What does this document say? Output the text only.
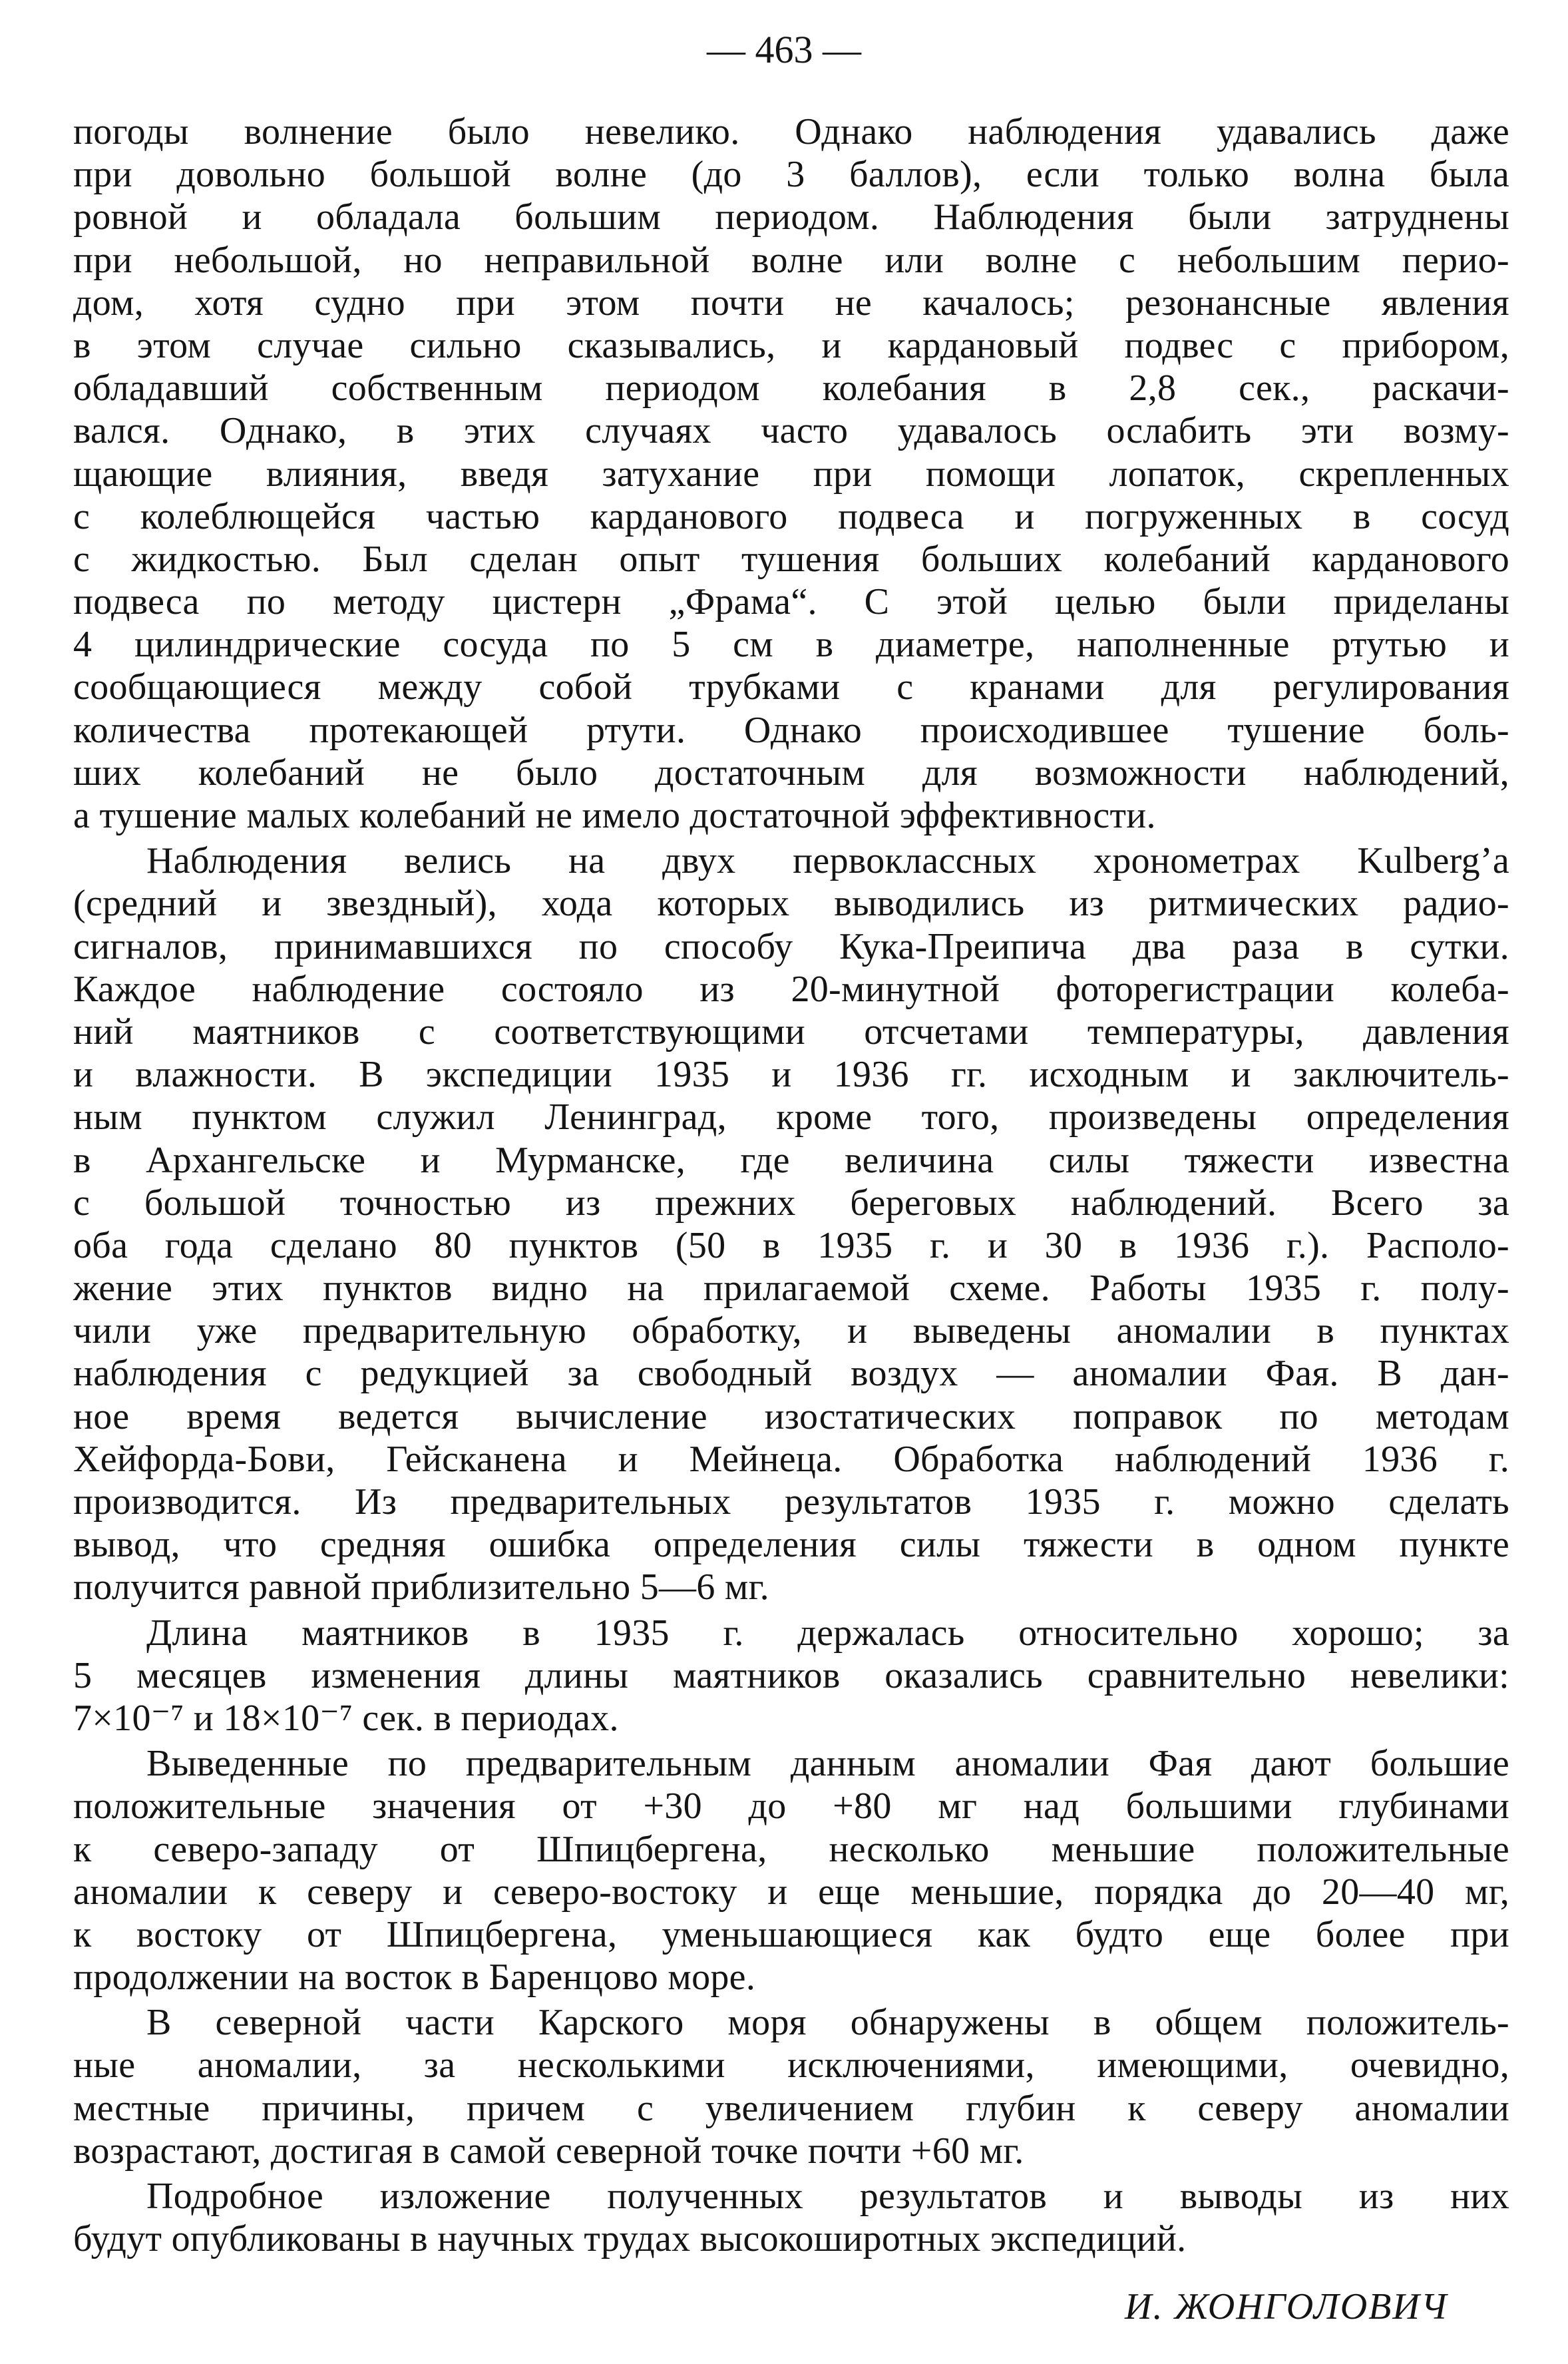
— 463 —
погоды волнение было невелико. Однако наблюдения удавались даже
при довольно большой волне (до 3 баллов), если только волна была
ровной и обладала большим периодом. Наблюдения были затруднены
при небольшой, но неправильной волне или волне с небольшим перио-
дом, хотя судно при этом почти не качалось; резонансные явления
в этом случае сильно сказывались, и кардановый подвес с прибором,
обладавший собственным периодом колебания в 2,8 сек., раскачи-
вался. Однако, в этих случаях часто удавалось ослабить эти возму-
щающие влияния, введя затухание при помощи лопаток, скрепленных
с колеблющейся частью карданового подвеса и погруженных в сосуд
с жидкостью. Был сделан опыт тушения больших колебаний карданового
подвеса по методу цистерн „Фрама“. С этой целью были приделаны
4 цилиндрические сосуда по 5 см в диаметре, наполненные ртутью и
сообщающиеся между собой трубками с кранами для регулирования
количества протекающей ртути. Однако происходившее тушение боль-
ших колебаний не было достаточным для возможности наблюдений,
а тушение малых колебаний не имело достаточной эффективности.
Наблюдения велись на двух первоклассных хронометрах Kulberg’a
(средний и звездный), хода которых выводились из ритмических радио-
сигналов, принимавшихся по способу Кука-Преипича два раза в сутки.
Каждое наблюдение состояло из 20-минутной фоторегистрации колеба-
ний маятников с соответствующими отсчетами температуры, давления
и влажности. В экспедиции 1935 и 1936 гг. исходным и заключитель-
ным пунктом служил Ленинград, кроме того, произведены определения
в Архангельске и Мурманске, где величина силы тяжести известна
с большой точностью из прежних береговых наблюдений. Всего за
оба года сделано 80 пунктов (50 в 1935 г. и 30 в 1936 г.). Располо-
жение этих пунктов видно на прилагаемой схеме. Работы 1935 г. полу-
чили уже предварительную обработку, и выведены аномалии в пунктах
наблюдения с редукцией за свободный воздух — аномалии Фая. В дан-
ное время ведется вычисление изостатических поправок по методам
Хейфорда-Бови, Гейсканена и Мейнеца. Обработка наблюдений 1936 г.
производится. Из предварительных результатов 1935 г. можно сделать
вывод, что средняя ошибка определения силы тяжести в одном пункте
получится равной приблизительно 5—6 мг.
Длина маятников в 1935 г. держалась относительно хорошо; за
5 месяцев изменения длины маятников оказались сравнительно невелики:
7×10⁻⁷ и 18×10⁻⁷ сек. в периодах.
Выведенные по предварительным данным аномалии Фая дают большие
положительные значения от +30 до +80 мг над большими глубинами
к северо-западу от Шпицбергена, несколько меньшие положительные
аномалии к северу и северо-востоку и еще меньшие, порядка до 20—40 мг,
к востоку от Шпицбергена, уменьшающиеся как будто еще более при
продолжении на восток в Баренцово море.
В северной части Карского моря обнаружены в общем положитель-
ные аномалии, за несколькими исключениями, имеющими, очевидно,
местные причины, причем с увеличением глубин к северу аномалии
возрастают, достигая в самой северной точке почти +60 мг.
Подробное изложение полученных результатов и выводы из них
будут опубликованы в научных трудах высокоширотных экспедиций.
И. ЖОНГОЛОВИЧ
